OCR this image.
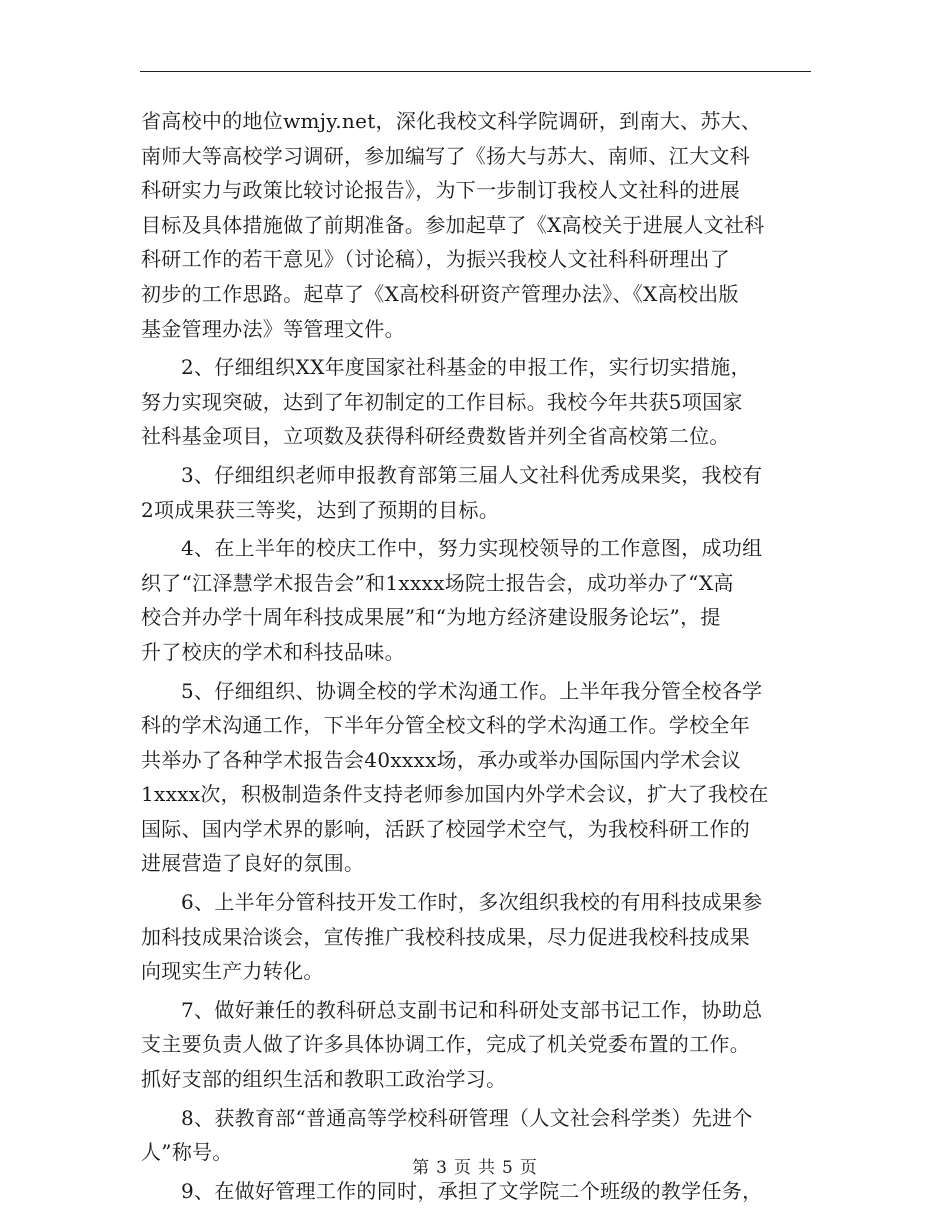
省高校中的地位wmjy.net，深化我校文科学院调研，到南大、苏大、
南师大等高校学习调研，参加编写了《扬大与苏大、南师、江大文科
科研实力与政策比较讨论报告》，为下一步制订我校人文社科的进展
目标及具体措施做了前期准备。参加起草了《X高校关于进展人文社科
科研工作的若干意见》（讨论稿），为振兴我校人文社科科研理出了
初步的工作思路。起草了《X高校科研资产管理办法》、《X高校出版
基金管理办法》等管理文件。
2、仔细组织XX年度国家社科基金的申报工作，实行切实措施，
努力实现突破，达到了年初制定的工作目标。我校今年共获5项国家
社科基金项目，立项数及获得科研经费数皆并列全省高校第二位。
3、仔细组织老师申报教育部第三届人文社科优秀成果奖，我校有
2项成果获三等奖，达到了预期的目标。
4、在上半年的校庆工作中，努力实现校领导的工作意图，成功组
织了“江泽慧学术报告会”和1xxxx场院士报告会，成功举办了“X高
校合并办学十周年科技成果展”和“为地方经济建设服务论坛”，提
升了校庆的学术和科技品味。
5、仔细组织、协调全校的学术沟通工作。上半年我分管全校各学
科的学术沟通工作，下半年分管全校文科的学术沟通工作。学校全年
共举办了各种学术报告会40xxxx场，承办或举办国际国内学术会议
1xxxx次，积极制造条件支持老师参加国内外学术会议，扩大了我校在
国际、国内学术界的影响，活跃了校园学术空气，为我校科研工作的
进展营造了良好的氛围。
6、上半年分管科技开发工作时，多次组织我校的有用科技成果参
加科技成果洽谈会，宣传推广我校科技成果，尽力促进我校科技成果
向现实生产力转化。
7、做好兼任的教科研总支副书记和科研处支部书记工作，协助总
支主要负责人做了许多具体协调工作，完成了机关党委布置的工作。
抓好支部的组织生活和教职工政治学习。
8、获教育部“普通高等学校科研管理（人文社会科学类）先进个
人”称号。
9、在做好管理工作的同时，承担了文学院二个班级的教学任务，
第 3 页 共 5 页
